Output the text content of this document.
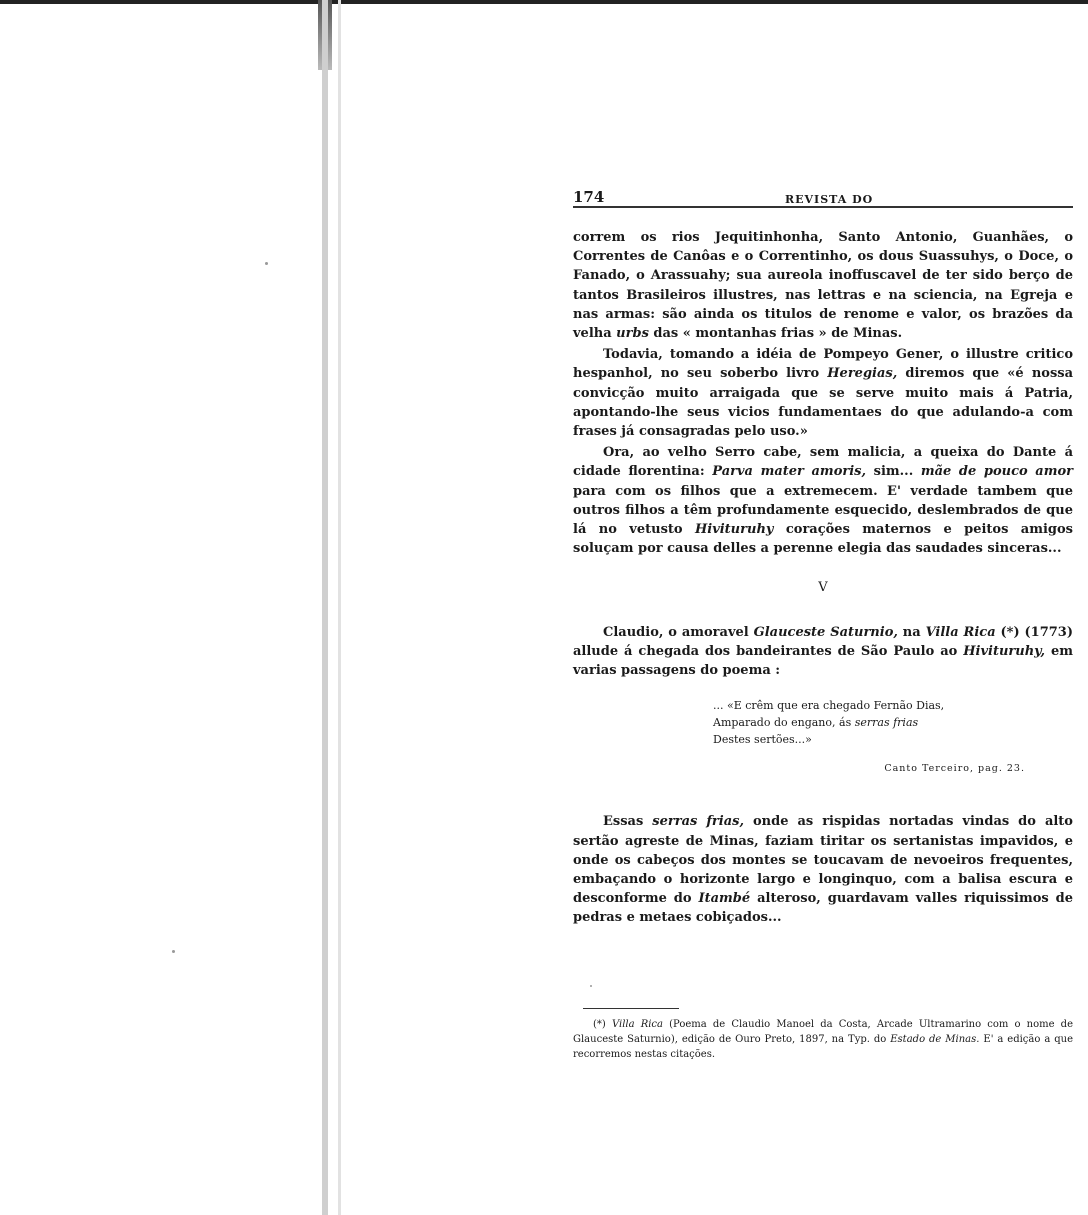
174	REVISTA DO

correm os rios Jequitinhonha, Santo Antonio, Guanhães, o Correntes de Canôas e o Correntinho, os dous Suassuhys, o Doce, o Fanado, o Arassuahy; sua aureola inoffuscavel de ter sido berço de tantos Brasileiros illustres, nas lettras e na sciencia, na Egreja e nas armas: são ainda os titulos de renome e valor, os brazões da velha urbs das « montanhas frias » de Minas.

Todavia, tomando a idéia de Pompeyo Gener, o illustre critico hespanhol, no seu soberbo livro Heregias, diremos que «é nossa convicção muito arraigada que se serve muito mais á Patria, apontando-lhe seus vicios fundamentaes do que adulando-a com frases já consagradas pelo uso.»

Ora, ao velho Serro cabe, sem malicia, a queixa do Dante á cidade florentina: Parva mater amoris, sim... mãe de pouco amor para com os filhos que a extremecem. E' verdade tambem que outros filhos a têm profundamente esquecido, deslembrados de que lá no vetusto Hivituruhy corações maternos e peitos amigos soluçam por causa delles a perenne elegia das saudades sinceras...

V

Claudio, o amoravel Glauceste Saturnio, na Villa Rica (*) (1773) allude á chegada dos bandeirantes de São Paulo ao Hivituruhy, em varias passagens do poema :

... «E crêm que era chegado Fernão Dias,
Amparado do engano, ás serras frias
Destes sertões...»
Canto Terceiro, pag. 23.

Essas serras frias, onde as rispidas nortadas vindas do alto sertão agreste de Minas, faziam tiritar os sertanistas impavidos, e onde os cabeços dos montes se toucavam de nevoeiros frequentes, embaçando o horizonte largo e longinquo, com a balisa escura e desconforme do Itambé alteroso, guardavam valles riquissimos de pedras e metaes cobiçados...

(*) Villa Rica (Poema de Claudio Manoel da Costa, Arcade Ultramarino com o nome de Glauceste Saturnio), edição de Ouro Preto, 1897, na Typ. do Estado de Minas. E' a edição a que recorremos nestas citações.
